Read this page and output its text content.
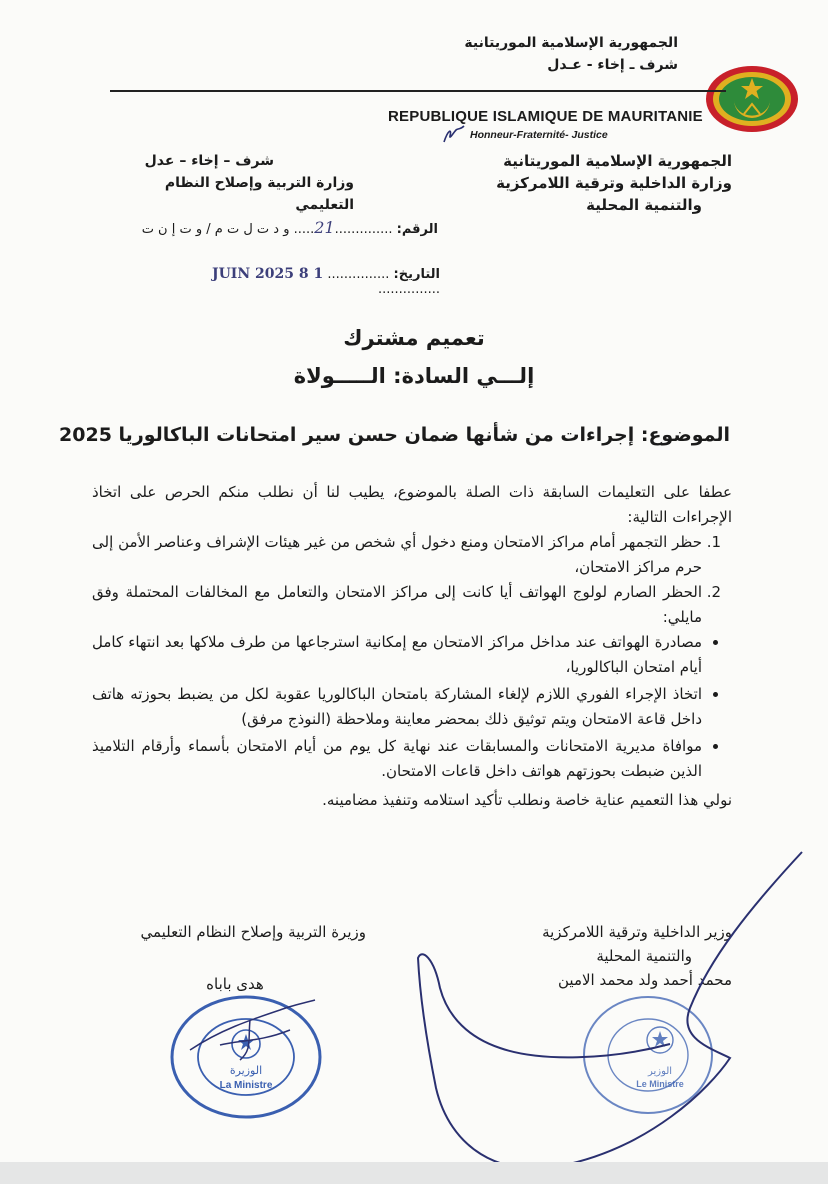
الجمهورية الإسلامية الموريتانية
شرف ـ إخاء - عـدل
REPUBLIQUE ISLAMIQUE DE MAURITANIE
Honneur-Fraternité- Justice
الجمهورية الإسلامية الموريتانية
وزارة الداخلية وترقية اللامركزية
والتنمية المحلية
شرف – إخاء – عدل
وزارة التربية وإصلاح النظام التعليمي
الرقم: ..............21..... و د ت ل ت م / و ت إ ن ت
التاريخ: ............... 1 8 JUIN 2025 ...............
تعميم مشترك
إلـــي السادة: الـــــولاة
الموضوع: إجراءات من شأنها ضمان حسن سير امتحانات الباكالوريا 2025

عطفا على التعليمات السابقة ذات الصلة بالموضوع، يطيب لنا أن نطلب منكم الحرص على اتخاذ الإجراءات التالية:

1. حظر التجمهر أمام مراكز الامتحان ومنع دخول أي شخص من غير هيئات الإشراف وعناصر الأمن إلى حرم مراكز الامتحان،
2. الحظر الصارم لولوج الهواتف أيا كانت إلى مراكز الامتحان والتعامل مع المخالفات المحتملة وفق مايلي:
• مصادرة الهواتف عند مداخل مراكز الامتحان مع إمكانية استرجاعها من طرف ملاكها بعد انتهاء كامل أيام امتحان الباكالوريا،
• اتخاذ الإجراء الفوري اللازم لإلغاء المشاركة بامتحان الباكالوريا عقوبة لكل من يضبط بحوزته هاتف داخل قاعة الامتحان ويتم توثيق ذلك بمحضر معاينة وملاحظة (النوذج مرفق)
• موافاة مديرية الامتحانات والمسابقات عند نهاية كل يوم من أيام الامتحان بأسماء وأرقام التلاميذ الذين ضبطت بحوزتهم هواتف داخل قاعات الامتحان.

نولي هذا التعميم عناية خاصة ونطلب تأكيد استلامه وتنفيذ مضامينه.

وزير الداخلية وترقية اللامركزية
والتنمية المحلية
محمد أحمد ولد محمد الامين
وزيرة التربية وإصلاح النظام التعليمي
هدى باباه
الوزيرة
La Ministre
الوزير
Le Ministre
